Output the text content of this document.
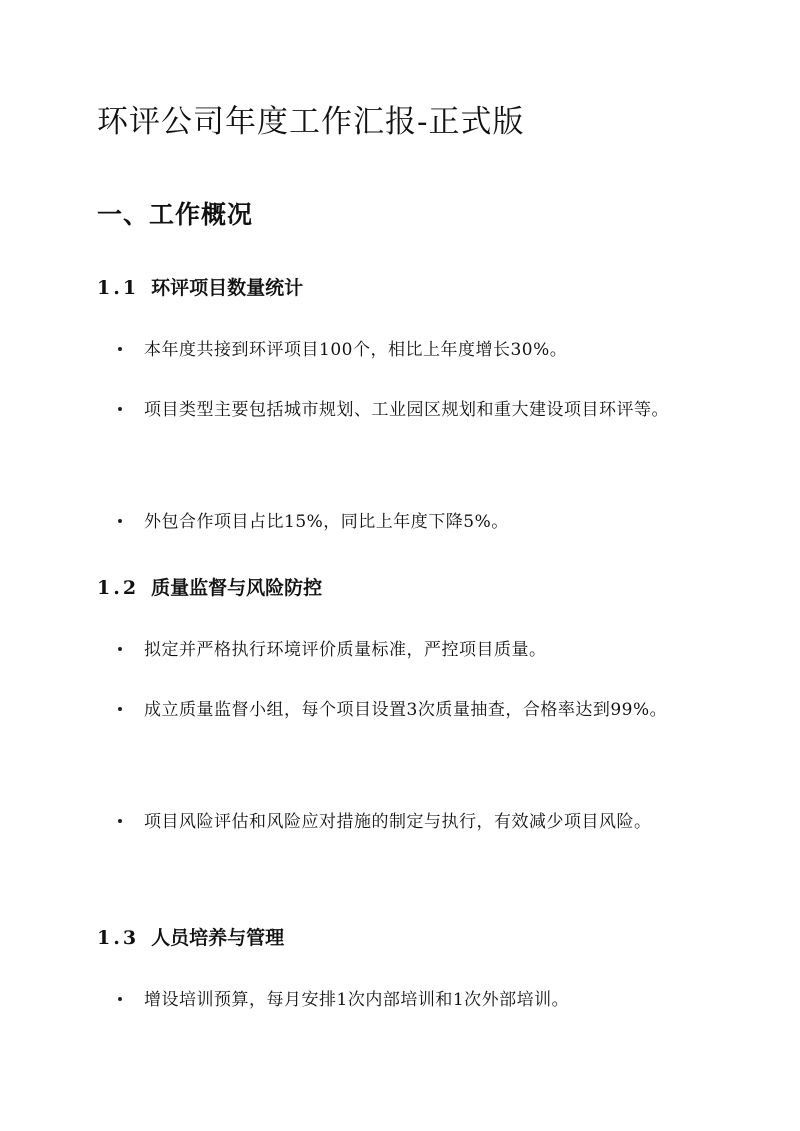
环评公司年度工作汇报-正式版
一、工作概况
1.1 环评项目数量统计
本年度共接到环评项目100个，相比上年度增长30%。
项目类型主要包括城市规划、工业园区规划和重大建设项目环评等。
外包合作项目占比15%，同比上年度下降5%。
1.2 质量监督与风险防控
拟定并严格执行环境评价质量标准，严控项目质量。
成立质量监督小组，每个项目设置3次质量抽查，合格率达到99%。
项目风险评估和风险应对措施的制定与执行，有效减少项目风险。
1.3 人员培养与管理
增设培训预算，每月安排1次内部培训和1次外部培训。
